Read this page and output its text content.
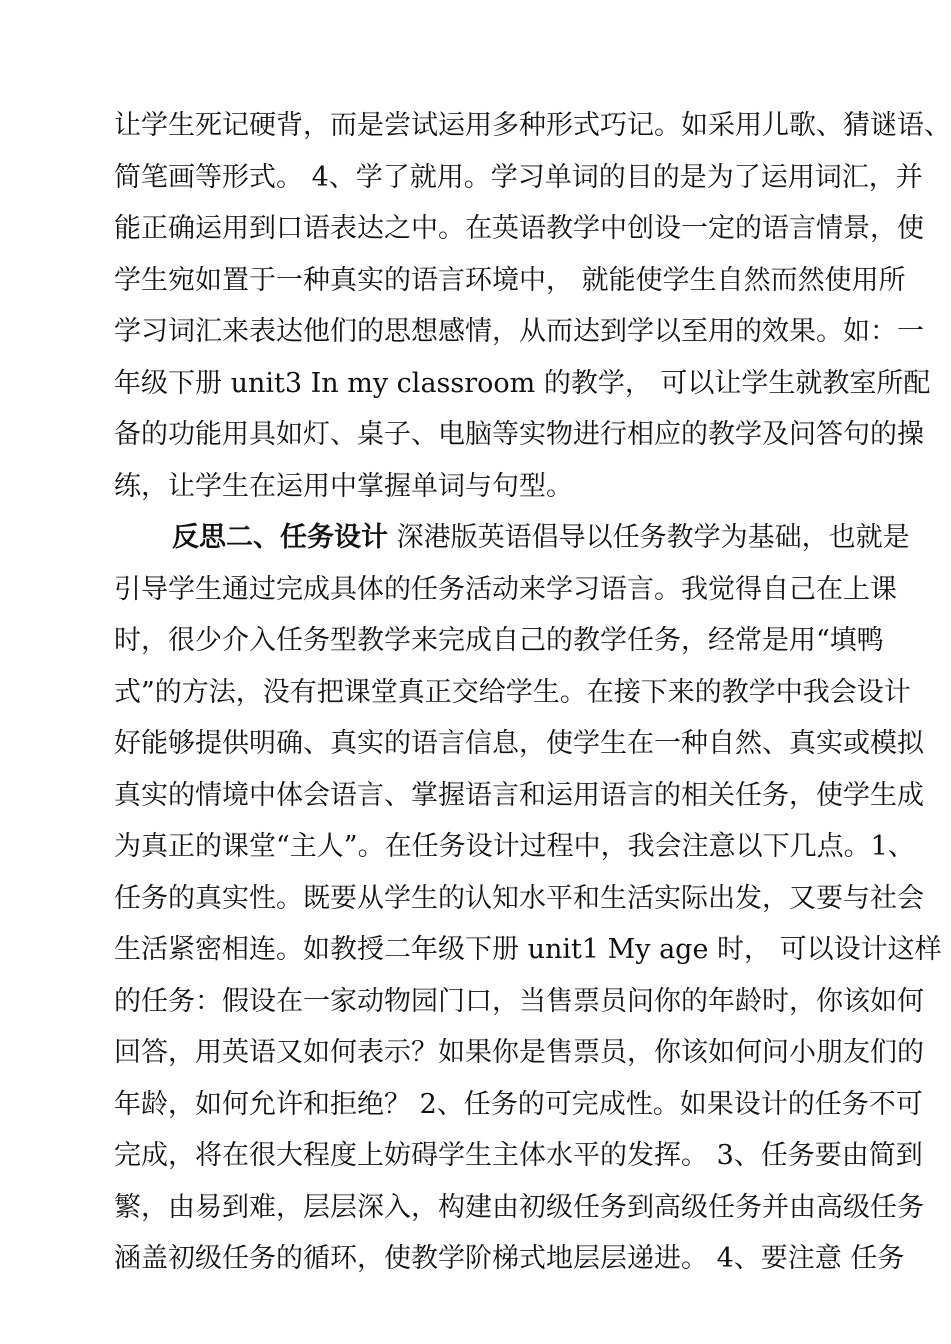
让学生死记硬背，而是尝试运用多种形式巧记。如采用儿歌、猜谜语、
简笔画等形式。 4、学了就用。学习单词的目的是为了运用词汇，并
能正确运用到口语表达之中。在英语教学中创设一定的语言情景，使
学生宛如置于一种真实的语言环境中， 就能使学生自然而然使用所
学习词汇来表达他们的思想感情，从而达到学以至用的效果。如：一
年级下册 unit3 In my classroom 的教学， 可以让学生就教室所配
备的功能用具如灯、桌子、电脑等实物进行相应的教学及问答句的操
练，让学生在运用中掌握单词与句型。
反思二、任务设计 深港版英语倡导以任务教学为基础，也就是
引导学生通过完成具体的任务活动来学习语言。我觉得自己在上课
时，很少介入任务型教学来完成自己的教学任务，经常是用“填鸭
式”的方法，没有把课堂真正交给学生。在接下来的教学中我会设计
好能够提供明确、真实的语言信息，使学生在一种自然、真实或模拟
真实的情境中体会语言、掌握语言和运用语言的相关任务，使学生成
为真正的课堂“主人”。在任务设计过程中，我会注意以下几点。1、
任务的真实性。既要从学生的认知水平和生活实际出发，又要与社会
生活紧密相连。如教授二年级下册 unit1 My age 时， 可以设计这样
的任务：假设在一家动物园门口，当售票员问你的年龄时，你该如何
回答，用英语又如何表示？如果你是售票员，你该如何问小朋友们的
年龄，如何允许和拒绝？ 2、任务的可完成性。如果设计的任务不可
完成，将在很大程度上妨碍学生主体水平的发挥。 3、任务要由简到
繁，由易到难，层层深入，构建由初级任务到高级任务并由高级任务
涵盖初级任务的循环，使教学阶梯式地层层递进。 4、要注意 任务
